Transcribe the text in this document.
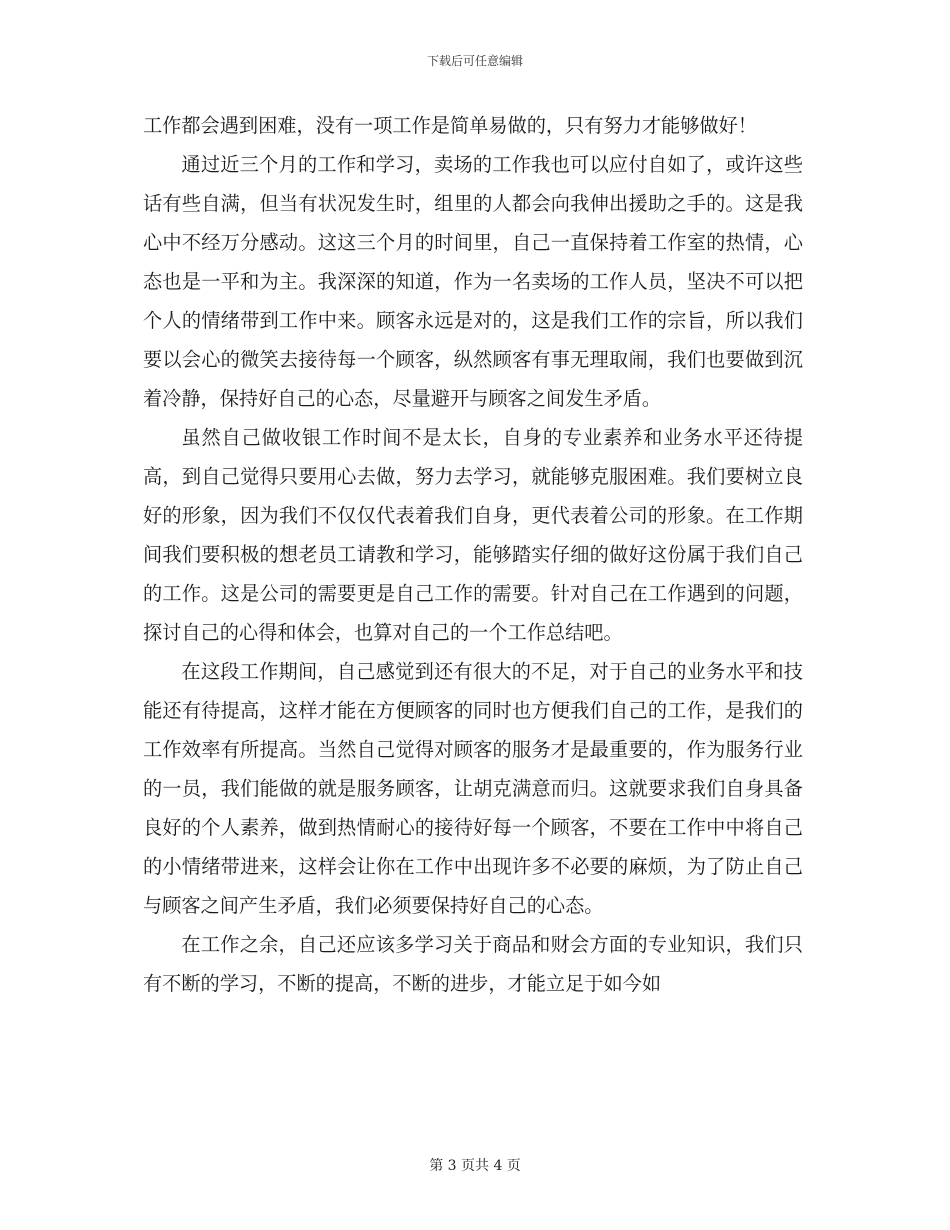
下载后可任意编辑

工作都会遇到困难，没有一项工作是简单易做的，只有努力才能够做好！

通过近三个月的工作和学习，卖场的工作我也可以应付自如了，或许这些话有些自满，但当有状况发生时，组里的人都会向我伸出援助之手的。这是我心中不经万分感动。这这三个月的时间里，自己一直保持着工作室的热情，心态也是一平和为主。我深深的知道，作为一名卖场的工作人员，坚决不可以把个人的情绪带到工作中来。顾客永远是对的，这是我们工作的宗旨，所以我们要以会心的微笑去接待每一个顾客，纵然顾客有事无理取闹，我们也要做到沉着冷静，保持好自己的心态，尽量避开与顾客之间发生矛盾。

虽然自己做收银工作时间不是太长，自身的专业素养和业务水平还待提高，到自己觉得只要用心去做，努力去学习，就能够克服困难。我们要树立良好的形象，因为我们不仅仅代表着我们自身，更代表着公司的形象。在工作期间我们要积极的想老员工请教和学习，能够踏实仔细的做好这份属于我们自己的工作。这是公司的需要更是自己工作的需要。针对自己在工作遇到的问题，探讨自己的心得和体会，也算对自己的一个工作总结吧。

在这段工作期间，自己感觉到还有很大的不足，对于自己的业务水平和技能还有待提高，这样才能在方便顾客的同时也方便我们自己的工作，是我们的工作效率有所提高。当然自己觉得对顾客的服务才是最重要的，作为服务行业的一员，我们能做的就是服务顾客，让胡克满意而归。这就要求我们自身具备良好的个人素养，做到热情耐心的接待好每一个顾客，不要在工作中中将自己的小情绪带进来，这样会让你在工作中出现许多不必要的麻烦，为了防止自己与顾客之间产生矛盾，我们必须要保持好自己的心态。

在工作之余，自己还应该多学习关于商品和财会方面的专业知识，我们只有不断的学习，不断的提高，不断的进步，才能立足于如今如

第 3 页共 4 页
